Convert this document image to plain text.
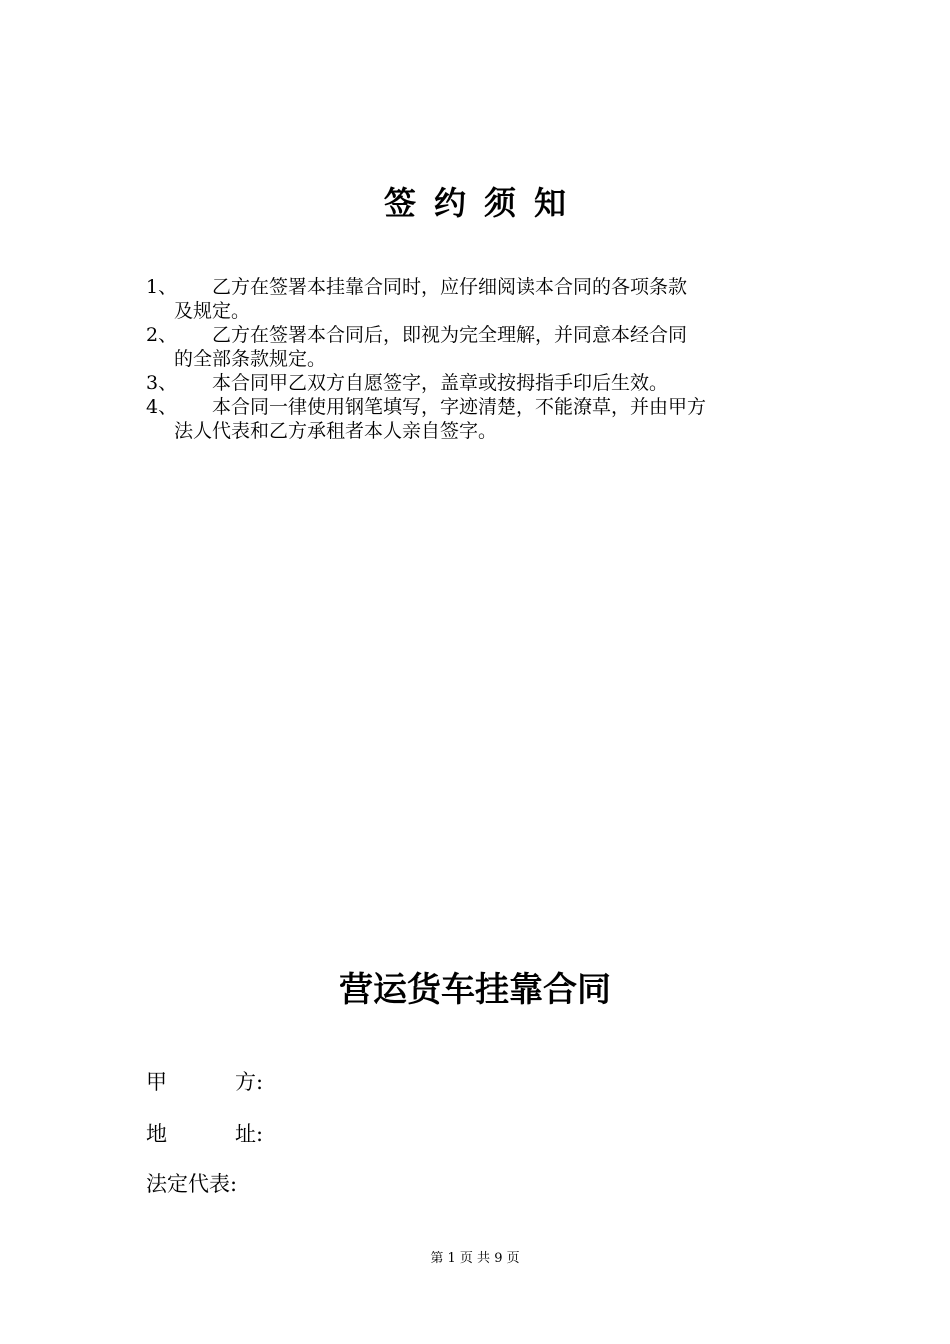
签约须知
1、	乙方在签署本挂靠合同时，应仔细阅读本合同的各项条款
及规定。
2、	乙方在签署本合同后，即视为完全理解，并同意本经合同
的全部条款规定。
3、	本合同甲乙双方自愿签字，盖章或按拇指手印后生效。
4、	本合同一律使用钢笔填写，字迹清楚，不能潦草，并由甲方
法人代表和乙方承租者本人亲自签字。
营运货车挂靠合同
甲方:
地址:
法定代表:
第 1 页 共 9 页
